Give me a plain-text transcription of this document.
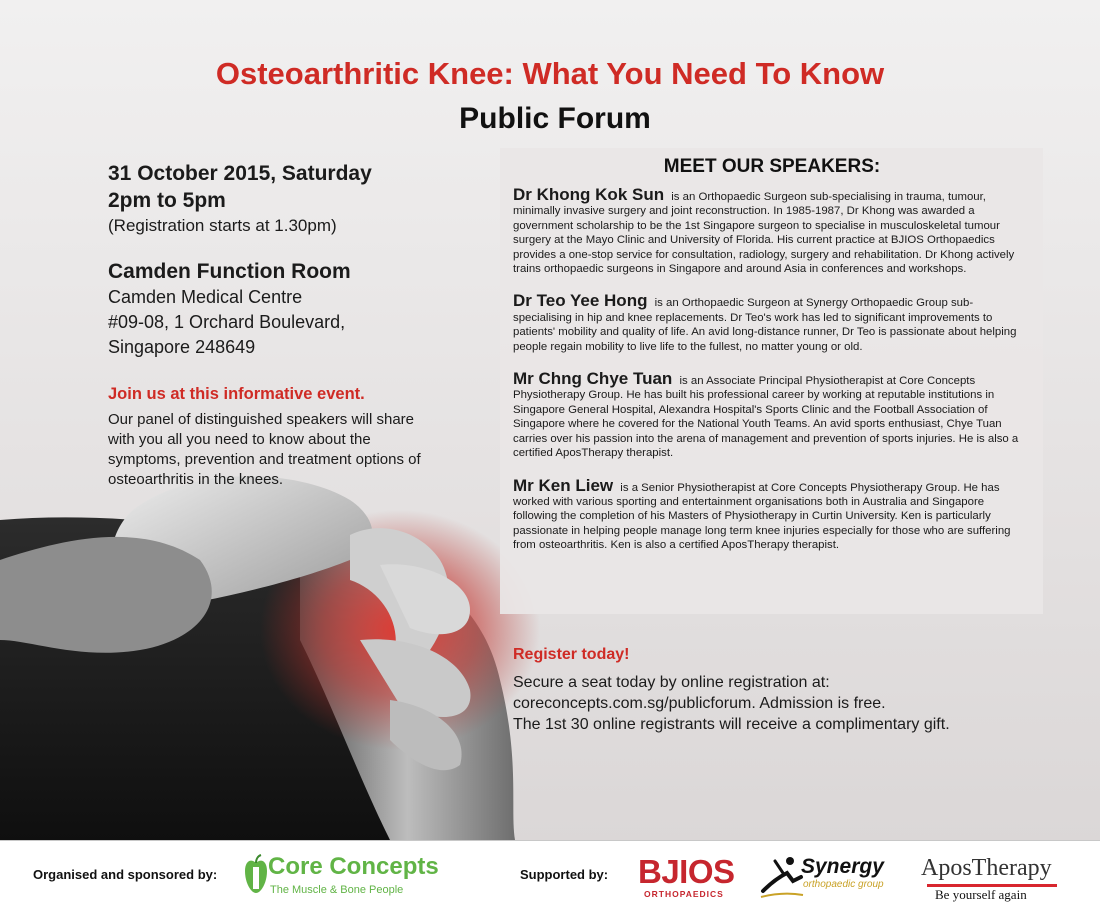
Osteoarthritic Knee: What You Need To Know
Public Forum
31 October 2015, Saturday
2pm to 5pm
(Registration starts at 1.30pm)
Camden Function Room
Camden Medical Centre
#09-08, 1 Orchard Boulevard,
Singapore 248649
Join us at this informative event.
Our panel of distinguished speakers will share with you all you need to know about the symptoms, prevention and treatment options of osteoarthritis in the knees.
MEET OUR SPEAKERS:
Dr Khong Kok Sun is an Orthopaedic Surgeon sub-specialising in trauma, tumour, minimally invasive surgery and joint reconstruction. In 1985-1987, Dr Khong was awarded a government scholarship to be the 1st Singapore surgeon to specialise in musculoskeletal tumour surgery at the Mayo Clinic and University of Florida. His current practice at BJIOS Orthopaedics provides a one-stop service for consultation, radiology, surgery and rehabilitation. Dr Khong actively trains orthopaedic surgeons in Singapore and around Asia in conferences and workshops.
Dr Teo Yee Hong is an Orthopaedic Surgeon at Synergy Orthopaedic Group sub-specialising in hip and knee replacements. Dr Teo's work has led to significant improvements to patients' mobility and quality of life. An avid long-distance runner, Dr Teo is passionate about helping people regain mobility to live life to the fullest, no matter young or old.
Mr Chng Chye Tuan is an Associate Principal Physiotherapist at Core Concepts Physiotherapy Group. He has built his professional career by working at reputable institutions in Singapore General Hospital, Alexandra Hospital's Sports Clinic and the Football Association of Singapore where he covered for the National Youth Teams. An avid sports enthusiast, Chye Tuan carries over his passion into the arena of management and prevention of sports injuries. He is also a certified AposTherapy therapist.
Mr Ken Liew is a Senior Physiotherapist at Core Concepts Physiotherapy Group. He has worked with various sporting and entertainment organisations both in Australia and Singapore following the completion of his Masters of Physiotherapy in Curtin University. Ken is particularly passionate in helping people manage long term knee injuries especially for those who are suffering from osteoarthritis. Ken is also a certified AposTherapy therapist.
Register today!
Secure a seat today by online registration at:
coreconcepts.com.sg/publicforum. Admission is free.
The 1st 30 online registrants will receive a complimentary gift.
Organised and sponsored by: Core Concepts
The Muscle & Bone People
Supported by: BJIOS
ORTHOPAEDICS
Synergy
orthopaedic group
AposTherapy
Be yourself again
